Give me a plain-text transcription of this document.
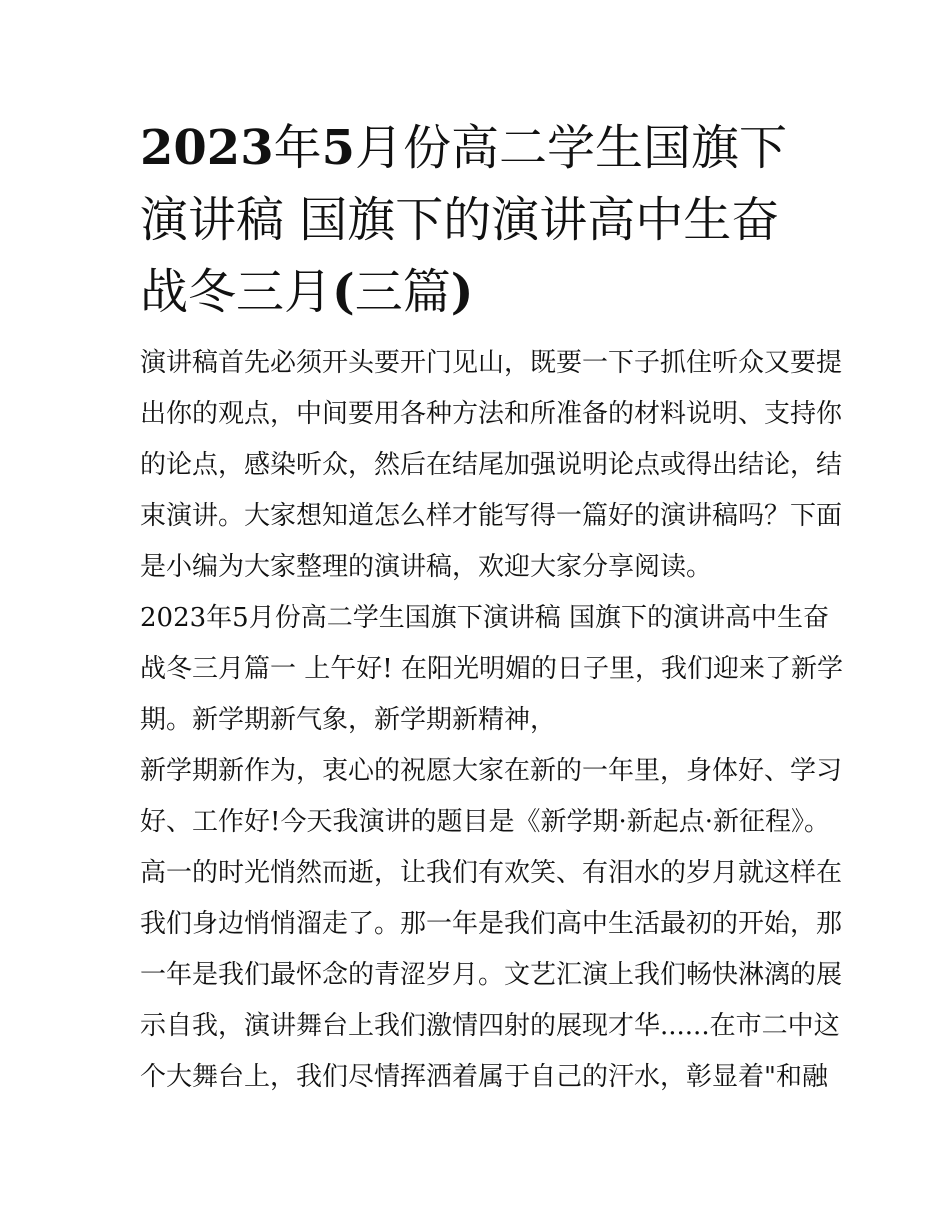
2023年5月份高二学生国旗下
演讲稿 国旗下的演讲高中生奋
战冬三月(三篇)
演讲稿首先必须开头要开门见山，既要一下子抓住听众又要提
出你的观点，中间要用各种方法和所准备的材料说明、支持你
的论点，感染听众，然后在结尾加强说明论点或得出结论，结
束演讲。大家想知道怎么样才能写得一篇好的演讲稿吗？下面
是小编为大家整理的演讲稿，欢迎大家分享阅读。
2023年5月份高二学生国旗下演讲稿 国旗下的演讲高中生奋
战冬三月篇一 上午好! 在阳光明媚的日子里，我们迎来了新学
期。新学期新气象，新学期新精神，
新学期新作为，衷心的祝愿大家在新的一年里，身体好、学习
好、工作好!今天我演讲的题目是《新学期·新起点·新征程》。
高一的时光悄然而逝，让我们有欢笑、有泪水的岁月就这样在
我们身边悄悄溜走了。那一年是我们高中生活最初的开始，那
一年是我们最怀念的青涩岁月。文艺汇演上我们畅快淋漓的展
示自我，演讲舞台上我们激情四射的展现才华......在市二中这
个大舞台上，我们尽情挥洒着属于自己的汗水，彰显着"和融
